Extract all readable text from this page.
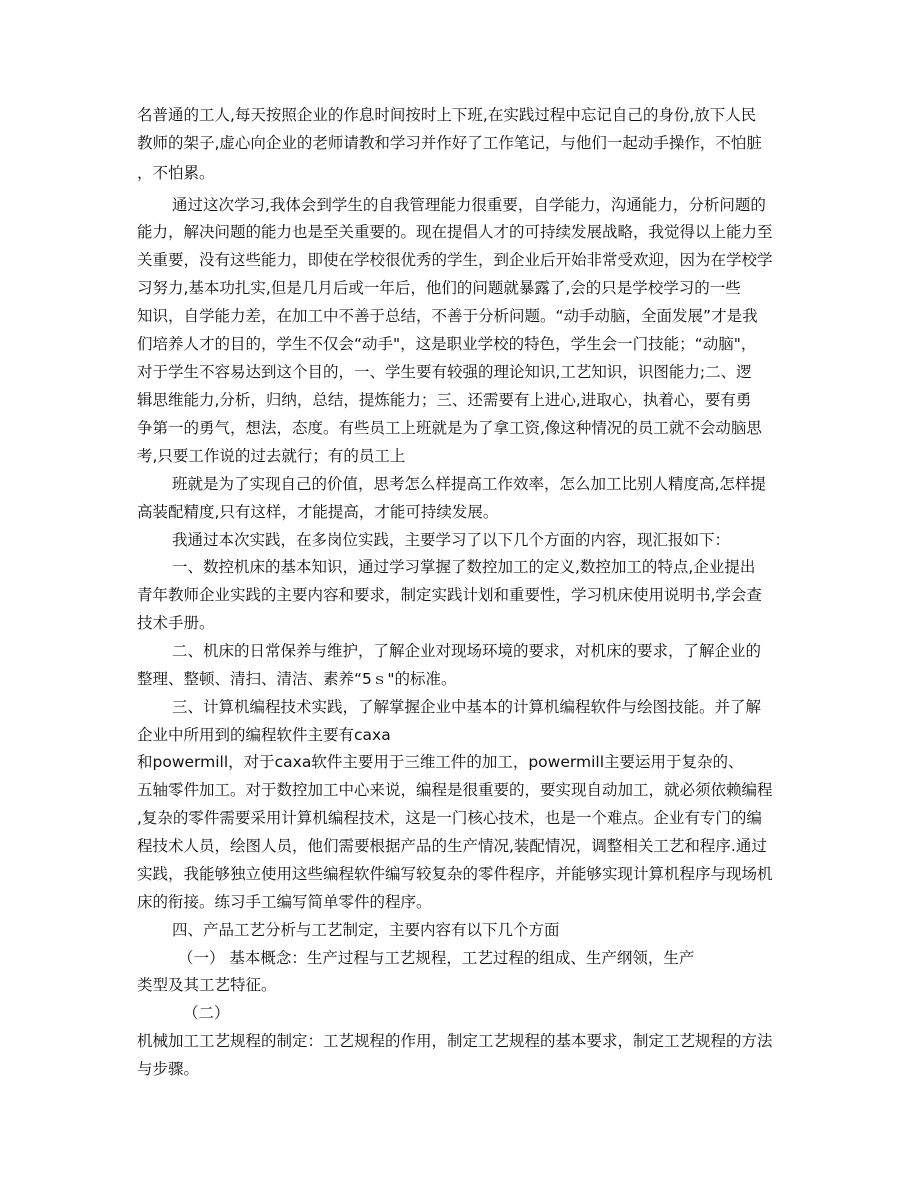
名普通的工人,每天按照企业的作息时间按时上下班,在实践过程中忘记自己的身份,放下人民
教师的架子,虚心向企业的老师请教和学习并作好了工作笔记，与他们一起动手操作，不怕脏
，不怕累。
通过这次学习,我体会到学生的自我管理能力很重要，自学能力，沟通能力，分析问题的
能力，解决问题的能力也是至关重要的。现在提倡人才的可持续发展战略，我觉得以上能力至
关重要，没有这些能力，即使在学校很优秀的学生，到企业后开始非常受欢迎，因为在学校学
习努力,基本功扎实,但是几月后或一年后，他们的问题就暴露了,会的只是学校学习的一些
知识，自学能力差，在加工中不善于总结，不善于分析问题。“动手动脑，全面发展”才是我
们培养人才的目的，学生不仅会“动手"，这是职业学校的特色，学生会一门技能；“动脑"，
对于学生不容易达到这个目的，一、学生要有较强的理论知识,工艺知识，识图能力;二、逻
辑思维能力,分析，归纳，总结，提炼能力；三、还需要有上进心,进取心，执着心，要有勇
争第一的勇气，想法，态度。有些员工上班就是为了拿工资,像这种情况的员工就不会动脑思
考,只要工作说的过去就行；有的员工上
班就是为了实现自己的价值，思考怎么样提高工作效率，怎么加工比别人精度高,怎样提
高装配精度,只有这样，才能提高，才能可持续发展。
我通过本次实践，在多岗位实践，主要学习了以下几个方面的内容，现汇报如下：
一、数控机床的基本知识，通过学习掌握了数控加工的定义,数控加工的特点,企业提出
青年教师企业实践的主要内容和要求，制定实践计划和重要性，学习机床使用说明书,学会查
技术手册。
二、机床的日常保养与维护，了解企业对现场环境的要求，对机床的要求，了解企业的
整理、整顿、清扫、清洁、素养“5ｓ"的标准。
三、计算机编程技术实践，了解掌握企业中基本的计算机编程软件与绘图技能。并了解
企业中所用到的编程软件主要有caxa
和powermill，对于caxa软件主要用于三维工件的加工，powermill主要运用于复杂的、
五轴零件加工。对于数控加工中心来说，编程是很重要的，要实现自动加工，就必须依赖编程
,复杂的零件需要采用计算机编程技术，这是一门核心技术，也是一个难点。企业有专门的编
程技术人员，绘图人员，他们需要根据产品的生产情况,装配情况，调整相关工艺和程序.通过
实践，我能够独立使用这些编程软件编写较复杂的零件程序，并能够实现计算机程序与现场机
床的衔接。练习手工编写简单零件的程序。
四、产品工艺分析与工艺制定，主要内容有以下几个方面
（一） 基本概念：生产过程与工艺规程，工艺过程的组成、生产纲领，生产
类型及其工艺特征。
（二）
机械加工工艺规程的制定：工艺规程的作用，制定工艺规程的基本要求，制定工艺规程的方法
与步骤。
